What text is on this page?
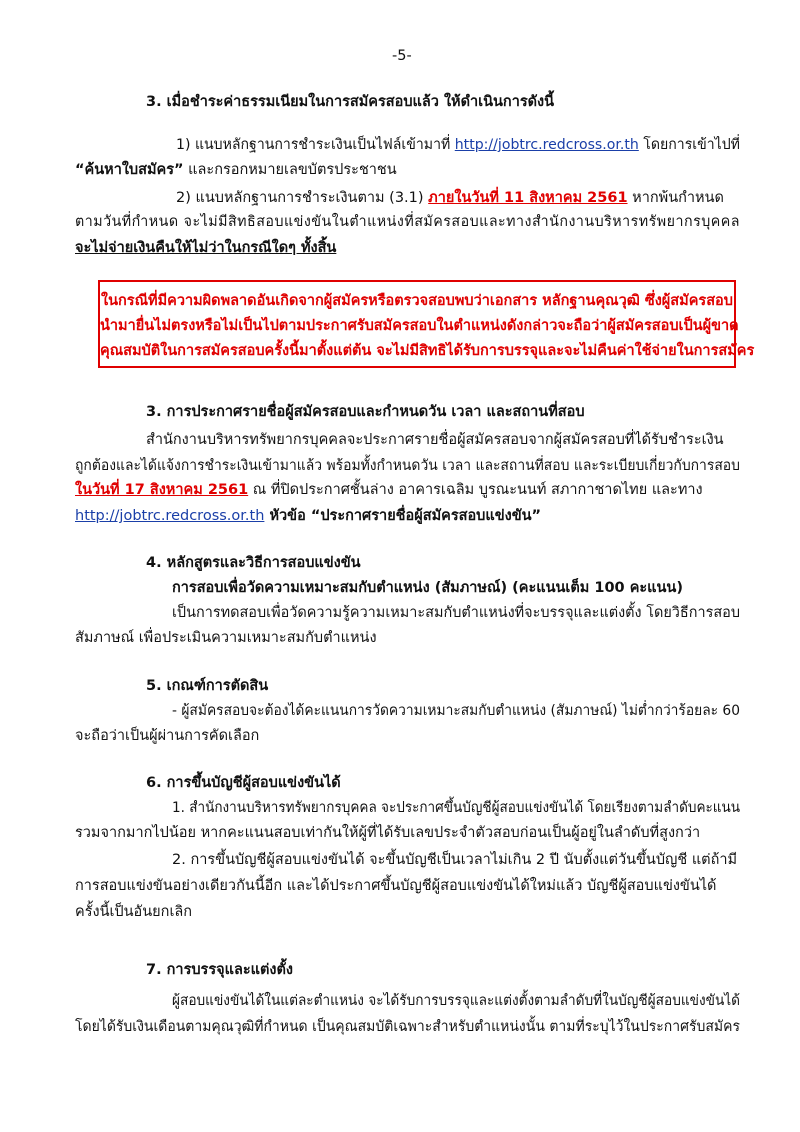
-5-
3. เมื่อชำระค่าธรรมเนียมในการสมัครสอบแล้ว ให้ดำเนินการดังนี้
1) แนบหลักฐานการชำระเงินเป็นไฟล์เข้ามาที่ http://jobtrc.redcross.or.th โดยการเข้าไปที่
“ค้นหาใบสมัคร” และกรอกหมายเลขบัตรประชาชน
2) แนบหลักฐานการชำระเงินตาม (3.1) ภายในวันที่ 11 สิงหาคม 2561 หากพ้นกำหนด
ตามวันที่กำหนด จะไม่มีสิทธิสอบแข่งขันในตำแหน่งที่สมัครสอบและทางสำนักงานบริหารทรัพยากรบุคคล
จะไม่จ่ายเงินคืนให้ไม่ว่าในกรณีใดๆ ทั้งสิ้น
ในกรณีที่มีความผิดพลาดอันเกิดจากผู้สมัครหรือตรวจสอบพบว่าเอกสาร หลักฐานคุณวุฒิ ซึ่งผู้สมัครสอบ
นำมายื่นไม่ตรงหรือไม่เป็นไปตามประกาศรับสมัครสอบในตำแหน่งดังกล่าวจะถือว่าผู้สมัครสอบเป็นผู้ขาด
คุณสมบัติในการสมัครสอบครั้งนี้มาตั้งแต่ต้น จะไม่มีสิทธิได้รับการบรรจุและจะไม่คืนค่าใช้จ่ายในการสมัคร
3. การประกาศรายชื่อผู้สมัครสอบและกำหนดวัน เวลา และสถานที่สอบ
สำนักงานบริหารทรัพยากรบุคคลจะประกาศรายชื่อผู้สมัครสอบจากผู้สมัครสอบที่ได้รับชำระเงิน
ถูกต้องและได้แจ้งการชำระเงินเข้ามาแล้ว พร้อมทั้งกำหนดวัน เวลา และสถานที่สอบ และระเบียบเกี่ยวกับการสอบ
ในวันที่ 17 สิงหาคม 2561 ณ ที่ปิดประกาศชั้นล่าง อาคารเฉลิม บูรณะนนท์ สภากาชาดไทย และทาง
http://jobtrc.redcross.or.th หัวข้อ “ประกาศรายชื่อผู้สมัครสอบแข่งขัน”
4. หลักสูตรและวิธีการสอบแข่งขัน
การสอบเพื่อวัดความเหมาะสมกับตำแหน่ง (สัมภาษณ์) (คะแนนเต็ม 100 คะแนน)
เป็นการทดสอบเพื่อวัดความรู้ความเหมาะสมกับตำแหน่งที่จะบรรจุและแต่งตั้ง โดยวิธีการสอบ
สัมภาษณ์ เพื่อประเมินความเหมาะสมกับตำแหน่ง
5. เกณฑ์การตัดสิน
- ผู้สมัครสอบจะต้องได้คะแนนการวัดความเหมาะสมกับตำแหน่ง (สัมภาษณ์) ไม่ต่ำกว่าร้อยละ 60
จะถือว่าเป็นผู้ผ่านการคัดเลือก
6. การขึ้นบัญชีผู้สอบแข่งขันได้
1. สำนักงานบริหารทรัพยากรบุคคล จะประกาศขึ้นบัญชีผู้สอบแข่งขันได้ โดยเรียงตามลำดับคะแนน
รวมจากมากไปน้อย หากคะแนนสอบเท่ากันให้ผู้ที่ได้รับเลขประจำตัวสอบก่อนเป็นผู้อยู่ในลำดับที่สูงกว่า
2. การขึ้นบัญชีผู้สอบแข่งขันได้ จะขึ้นบัญชีเป็นเวลาไม่เกิน 2 ปี นับตั้งแต่วันขึ้นบัญชี แต่ถ้ามี
การสอบแข่งขันอย่างเดียวกันนี้อีก และได้ประกาศขึ้นบัญชีผู้สอบแข่งขันได้ใหม่แล้ว บัญชีผู้สอบแข่งขันได้
ครั้งนี้เป็นอันยกเลิก
7. การบรรจุและแต่งตั้ง
ผู้สอบแข่งขันได้ในแต่ละตำแหน่ง จะได้รับการบรรจุและแต่งตั้งตามลำดับที่ในบัญชีผู้สอบแข่งขันได้
โดยได้รับเงินเดือนตามคุณวุฒิที่กำหนด เป็นคุณสมบัติเฉพาะสำหรับตำแหน่งนั้น ตามที่ระบุไว้ในประกาศรับสมัคร
